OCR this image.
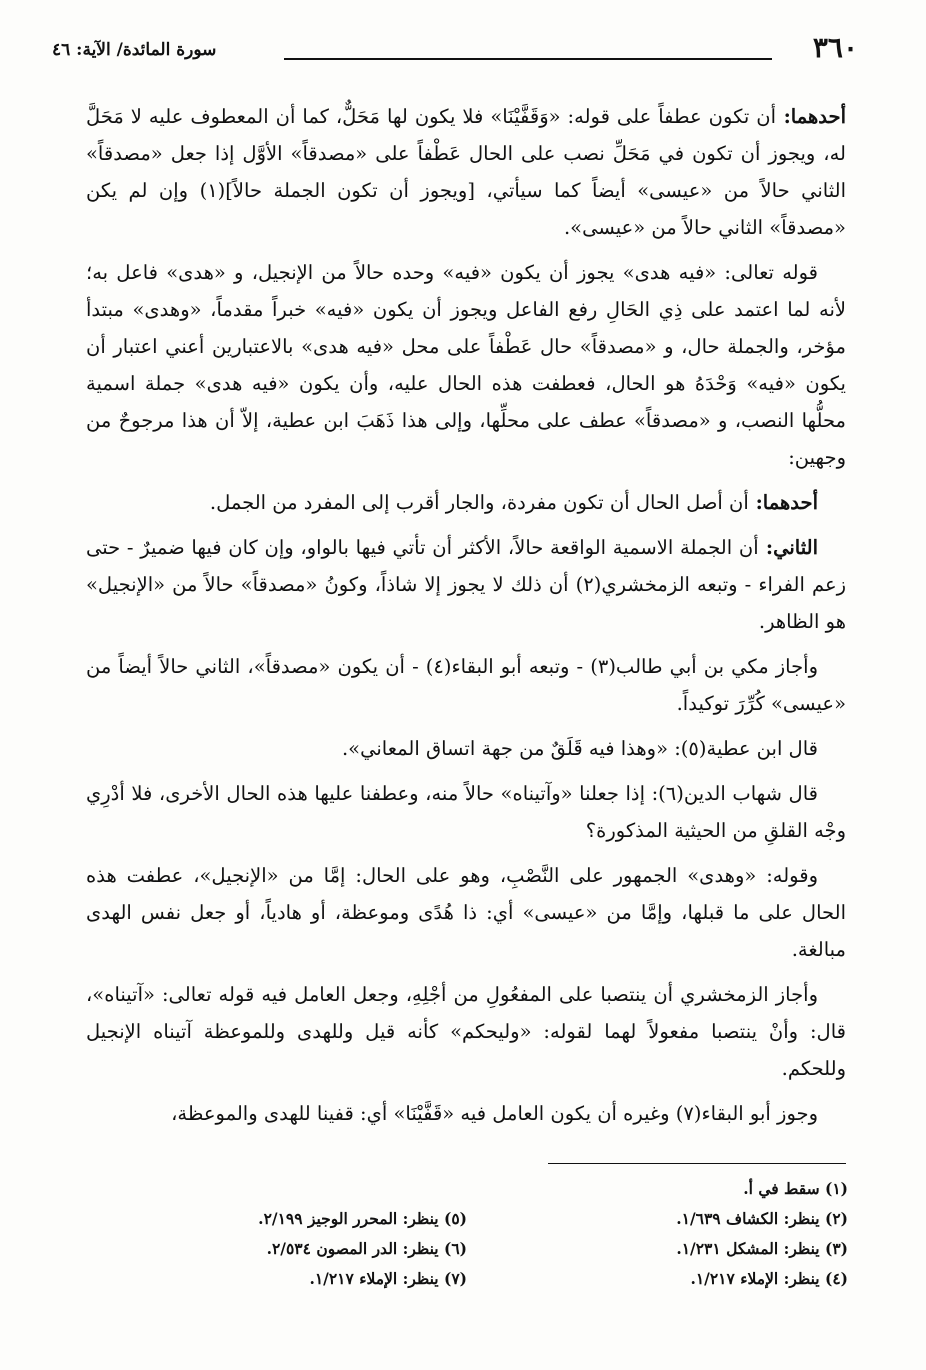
٣٦٠
سورة المائدة/ الآية: ٤٦

أحدهما: أن تكون عطفاً على قوله: «وَقَفَّيْنَا» فلا يكون لها مَحَلٌّ، كما أن المعطوف عليه لا مَحَلَّ له، ويجوز أن تكون في مَحَلِّ نصب على الحال عَطْفاً على «مصدقاً» الأوَّل إذا جعل «مصدقاً» الثاني حالاً من «عيسى» أيضاً كما سيأتي، [ويجوز أن تكون الجملة حالاً](١) وإن لم يكن «مصدقاً» الثاني حالاً من «عيسى».

قوله تعالى: «فيه هدى» يجوز أن يكون «فيه» وحده حالاً من الإنجيل، و «هدى» فاعل به؛ لأنه لما اعتمد على ذِي الحَالِ رفع الفاعل ويجوز أن يكون «فيه» خبراً مقدماً، «وهدى» مبتدأ مؤخر، والجملة حال، و «مصدقاً» حال عَطْفاً على محل «فيه هدى» بالاعتبارين أعني اعتبار أن يكون «فيه» وَحْدَهُ هو الحال، فعطفت هذه الحال عليه، وأن يكون «فيه هدى» جملة اسمية محلُّها النصب، و «مصدقاً» عطف على محلِّها، وإلى هذا ذَهَبَ ابن عطية، إلاّ أن هذا مرجوحٌ من وجهين:

أحدهما: أن أصل الحال أن تكون مفردة، والجار أقرب إلى المفرد من الجمل.

الثاني: أن الجملة الاسمية الواقعة حالاً، الأكثر أن تأتي فيها بالواو، وإن كان فيها ضميرٌ - حتى زعم الفراء - وتبعه الزمخشري(٢) أن ذلك لا يجوز إلا شاذاً، وكونُ «مصدقاً» حالاً من «الإنجيل» هو الظاهر.

وأجاز مكي بن أبي طالب(٣) - وتبعه أبو البقاء(٤) - أن يكون «مصدقاً»، الثاني حالاً أيضاً من «عيسى» كُرِّرَ توكيداً.

قال ابن عطية(٥): «وهذا فيه قَلَقٌ من جهة اتساق المعاني».

قال شهاب الدين(٦): إذا جعلنا «وآتيناه» حالاً منه، وعطفنا عليها هذه الحال الأخرى، فلا أدْرِي وجْه القلقِ من الحيثية المذكورة؟

وقوله: «وهدى» الجمهور على النَّصْبِ، وهو على الحال: إمَّا من «الإنجيل»، عطفت هذه الحال على ما قبلها، وإمَّا من «عيسى» أي: ذا هُدًى وموعظة، أو هادياً، أو جعل نفس الهدى مبالغة.

وأجاز الزمخشري أن ينتصبا على المفعُولِ من أجْلِهِ، وجعل العامل فيه قوله تعالى: «آتيناه»، قال: وأنْ ينتصبا مفعولاً لهما لقوله: «وليحكم» كأنه قيل وللهدى وللموعظة آتيناه الإنجيل وللحكم.

وجوز أبو البقاء(٧) وغيره أن يكون العامل فيه «قَفَّيْنَا» أي: قفينا للهدى والموعظة،

(١) سقط في أ.
(٢) ينظر: الكشاف ١/٦٣٩.
(٥) ينظر: المحرر الوجيز ٢/١٩٩.
(٣) ينظر: المشكل ١/٢٣١.
(٦) ينظر: الدر المصون ٢/٥٣٤.
(٤) ينظر: الإملاء ١/٢١٧.
(٧) ينظر: الإملاء ١/٢١٧.
